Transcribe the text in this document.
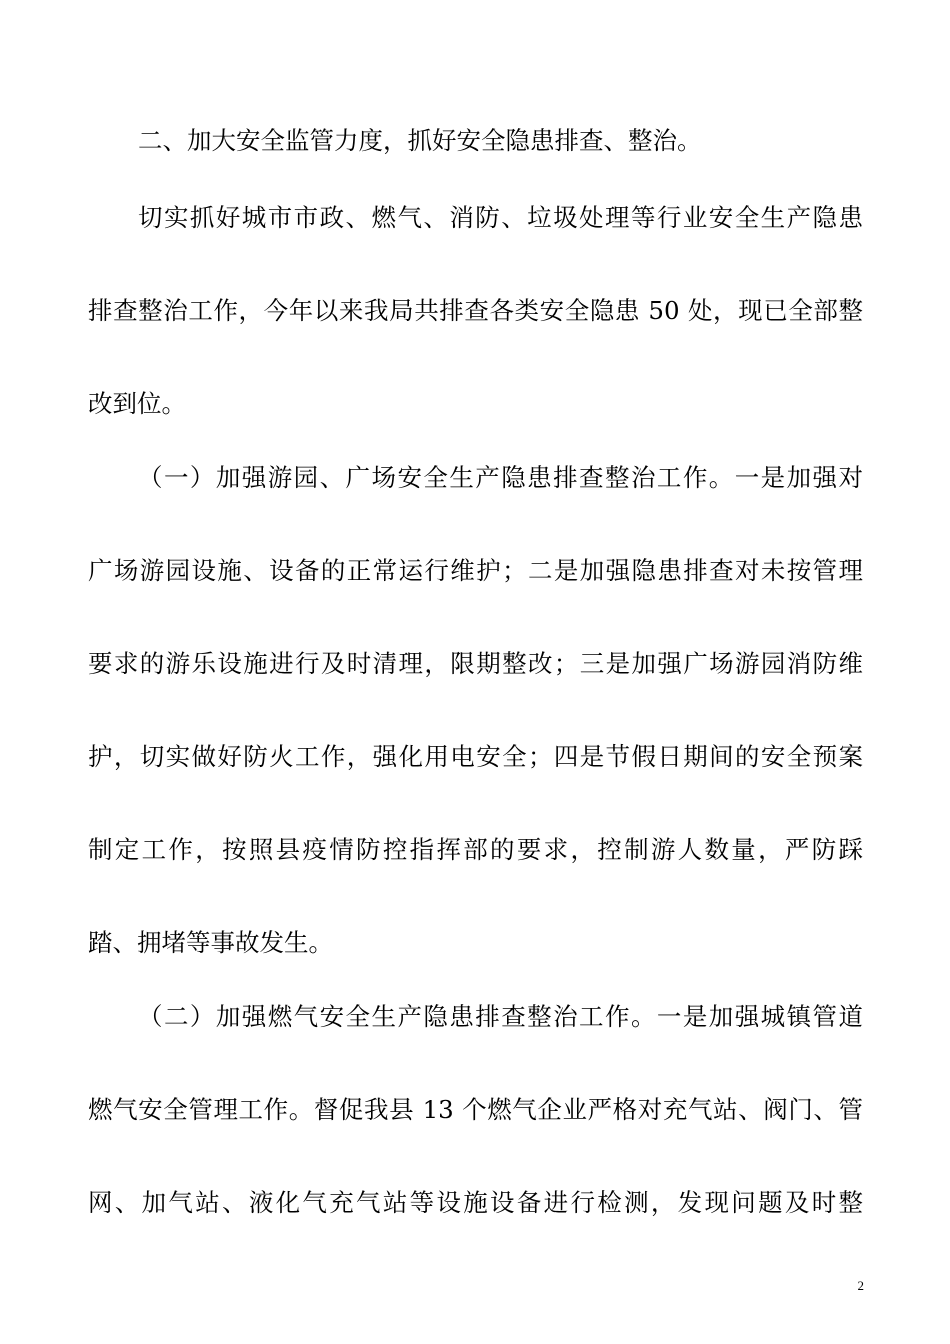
二、加大安全监管力度，抓好安全隐患排查、整治。
切实抓好城市市政、燃气、消防、垃圾处理等行业安全生产隐患
排查整治工作，今年以来我局共排查各类安全隐患 50 处，现已全部整
改到位。
（一）加强游园、广场安全生产隐患排查整治工作。一是加强对
广场游园设施、设备的正常运行维护；二是加强隐患排查对未按管理
要求的游乐设施进行及时清理，限期整改；三是加强广场游园消防维
护，切实做好防火工作，强化用电安全；四是节假日期间的安全预案
制定工作，按照县疫情防控指挥部的要求，控制游人数量，严防踩
踏、拥堵等事故发生。
（二）加强燃气安全生产隐患排查整治工作。一是加强城镇管道
燃气安全管理工作。督促我县 13 个燃气企业严格对充气站、阀门、管
网、加气站、液化气充气站等设施设备进行检测，发现问题及时整
2
